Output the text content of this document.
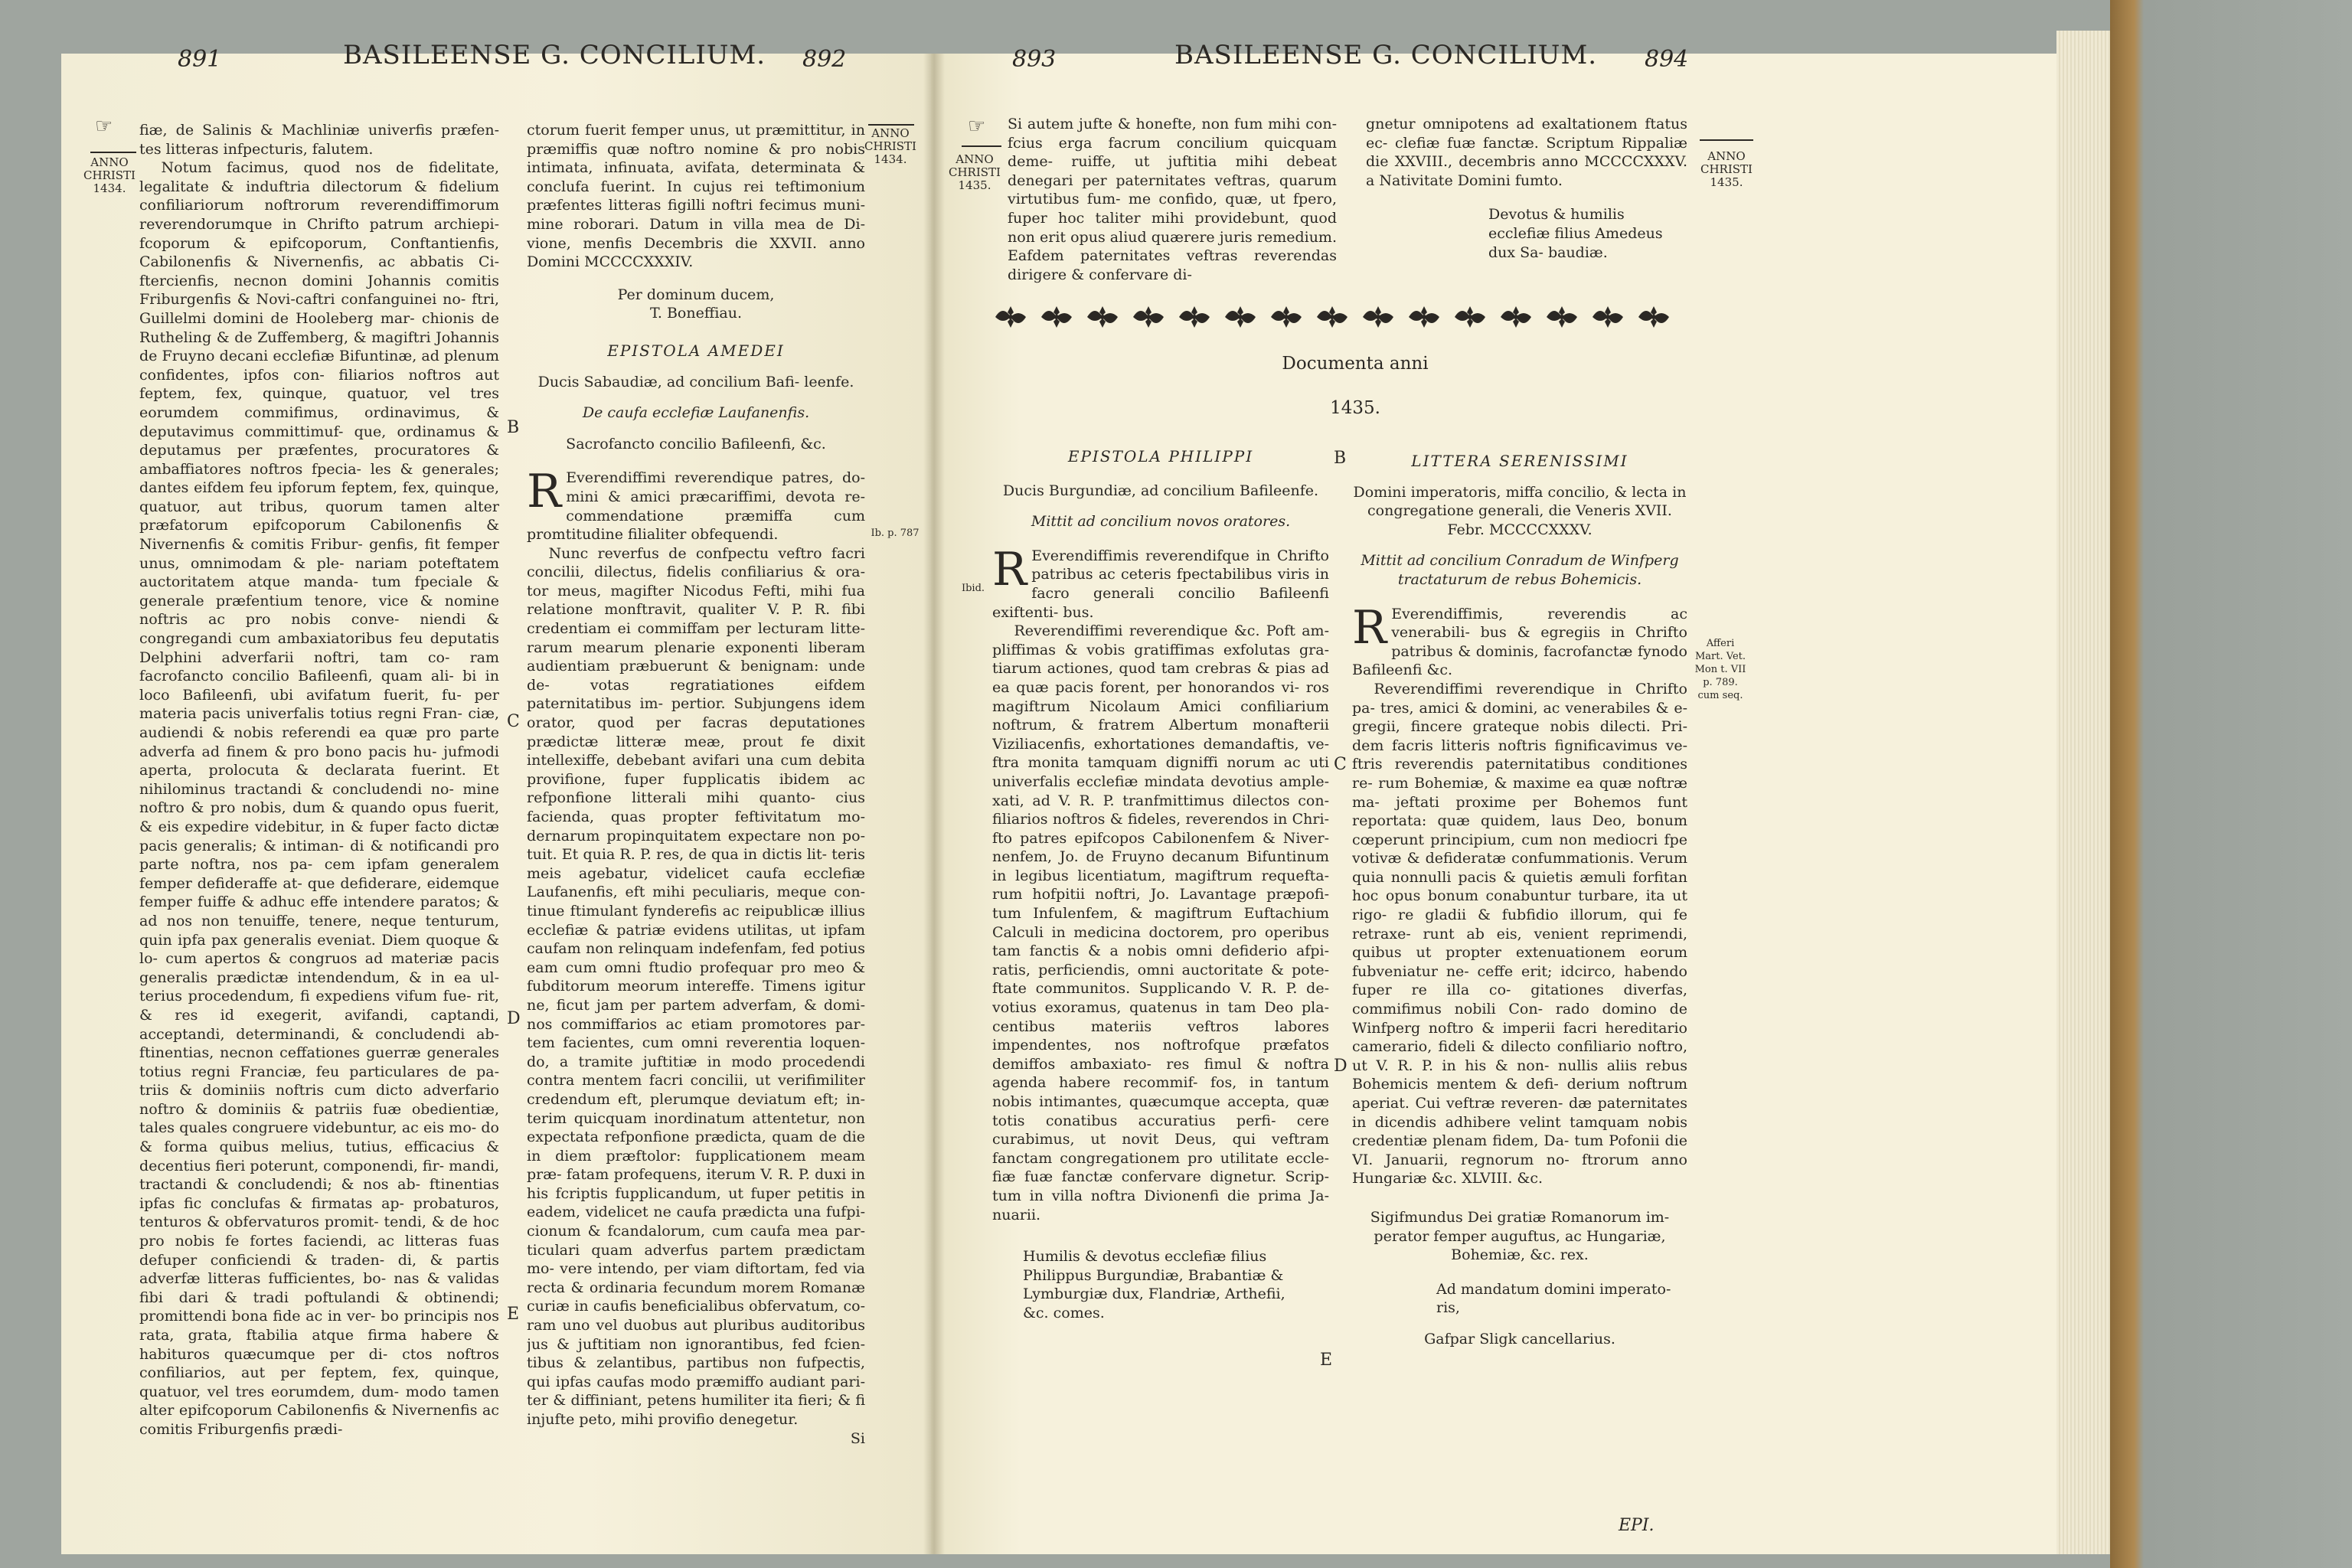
891	BASILEENSE G. CONCILIUM. 892
☞
ANNO
CHRISTI
1434.
ANNO
CHRISTI
1434.
B
C
D
E

fiæ, de Salinis & Machliniæ univerfis præfen- tes litteras infpecturis, falutem.

Notum facimus, quod nos de fidelitate, legalitate & induftria dilectorum & fidelium confiliariorum noftrorum reverendiffimorum reverendorumque in Chrifto patrum archiepi- fcoporum & epifcoporum, Conftantienfis, Cabilonenfis & Nivernenfis, ac abbatis Ci- ftercienfis, necnon domini Johannis comitis Friburgenfis & Novi-caftri confanguinei no- ftri, Guillelmi domini de Hooleberg mar- chionis de Rutheling & de Zuffemberg, & magiftri Johannis de Fruyno decani ecclefiæ Bifuntinæ, ad plenum confidentes, ipfos con- filiarios noftros aut feptem, fex, quinque, quatuor, vel tres eorumdem commifimus, ordinavimus, & deputavimus committimuf- que, ordinamus & deputamus per præfentes, procuratores & ambaffiatores noftros fpecia- les & generales; dantes eifdem feu ipforum feptem, fex, quinque, quatuor, aut tribus, quorum tamen alter præfatorum epifcoporum Cabilonenfis & Nivernenfis & comitis Fribur- genfis, fit femper unus, omnimodam & ple- nariam poteftatem auctoritatem atque manda- tum fpeciale & generale præfentium tenore, vice & nomine noftris ac pro nobis conve- niendi & congregandi cum ambaxiatoribus feu deputatis Delphini adverfarii noftri, tam co- ram facrofancto concilio Bafileenfi, quam ali- bi in loco Bafileenfi, ubi avifatum fuerit, fu- per materia pacis univerfalis totius regni Fran- ciæ, audiendi & nobis referendi ea quæ pro parte adverfa ad finem & pro bono pacis hu- jufmodi aperta, prolocuta & declarata fuerint. Et nihilominus tractandi & concludendi no- mine noftro & pro nobis, dum & quando opus fuerit, & eis expedire videbitur, in & fuper facto dictæ pacis generalis; & intiman- di & notificandi pro parte noftra, nos pa- cem ipfam generalem femper defideraffe at- que defiderare, eidemque femper fuiffe & adhuc effe intendere paratos; & ad nos non tenuiffe, tenere, neque tenturum, quin ipfa pax generalis eveniat. Diem quoque & lo- cum apertos & congruos ad materiæ pacis generalis prædictæ intendendum, & in ea ul- terius procedendum, fi expediens vifum fue- rit, & res id exegerit, avifandi, captandi, acceptandi, determinandi, & concludendi ab- ftinentias, necnon ceffationes guerræ generales totius regni Franciæ, feu particulares de pa- triis & dominiis noftris cum dicto adverfario noftro & dominiis & patriis fuæ obedientiæ, tales quales congruere videbuntur, ac eis mo- do & forma quibus melius, tutius, efficacius & decentius fieri poterunt, componendi, fir- mandi, tractandi & concludendi; & nos ab- ftinentias ipfas fic conclufas & firmatas ap- probaturos, tenturos & obfervaturos promit- tendi, & de hoc pro nobis fe fortes faciendi, ac litteras fuas defuper conficiendi & traden- di, & partis adverfæ litteras fufficientes, bo- nas & validas fibi dari & tradi poftulandi & obtinendi; promittendi bona fide ac in ver- bo principis nos rata, grata, ftabilia atque firma habere & habituros quæcumque per di- ctos noftros confiliarios, aut per feptem, fex, quinque, quatuor, vel tres eorumdem, dum- modo tamen alter epifcoporum Cabilonenfis & Nivernenfis ac comitis Friburgenfis prædi-

ctorum fuerit femper unus, ut præmittitur, in præmiffis quæ noftro nomine & pro nobis intimata, infinuata, avifata, determinata & conclufa fuerint. In cujus rei teftimonium præfentes litteras figilli noftri fecimus muni- mine roborari. Datum in villa mea de Di- vione, menfis Decembris die XXVII. anno Domini MCCCCXXXIV.

Per dominum ducem,

T. Boneffiau.

EPISTOLA AMEDEI

Ducis Sabaudiæ, ad concilium Bafi- leenfe.

De caufa ecclefiæ Laufanenfis.

Sacrofancto concilio Bafileenfi, &c.

R Everendiffimi reverendique patres, do- mini & amici præcariffimi, devota re- commendatione præmiffa cum promtitudine filialiter obfequendi.

Nunc reverfus de confpectu veftro facri concilii, dilectus, fidelis confiliarius & ora- tor meus, magifter Nicodus Fefti, mihi fua relatione monftravit, qualiter V. P. R. fibi credentiam ei commiffam per lecturam litte- rarum mearum plenarie exponenti liberam audientiam præbuerunt & benignam: unde de- votas regratiationes eifdem paternitatibus im- pertior. Subjungens idem orator, quod per facras deputationes prædictæ litteræ meæ, prout fe dixit intellexiffe, debebant avifari una cum debita provifione, fuper fupplicatis ibidem ac refponfione litterali mihi quanto- cius facienda, quas propter feftivitatum mo- dernarum propinquitatem expectare non po- tuit. Et quia R. P. res, de qua in dictis lit- teris meis agebatur, videlicet caufa ecclefiæ Laufanenfis, eft mihi peculiaris, meque con- tinue ftimulant fynderefis ac reipublicæ illius ecclefiæ & patriæ evidens utilitas, ut ipfam caufam non relinquam indefenfam, fed potius eam cum omni ftudio profequar pro meo & fubditorum meorum intereffe. Timens igitur ne, ficut jam per partem adverfam, & domi- nos commiffarios ac etiam promotores par- tem facientes, cum omni reverentia loquen- do, a tramite juftitiæ in modo procedendi contra mentem facri concilii, ut verifimiliter credendum eft, plerumque deviatum eft; in- terim quicquam inordinatum attentetur, non expectata refponfione prædicta, quam de die in diem præftolor: fupplicationem meam præ- fatam profequens, iterum V. R. P. duxi in his fcriptis fupplicandum, ut fuper petitis in eadem, videlicet ne caufa prædicta una fufpi- cionum & fcandalorum, cum caufa mea par- ticulari quam adverfus partem prædictam mo- vere intendo, per viam diftortam, fed via recta & ordinaria fecundum morem Romanæ curiæ in caufis beneficialibus obfervatum, co- ram uno vel duobus aut pluribus auditoribus jus & juftitiam non ignorantibus, fed fcien- tibus & zelantibus, partibus non fufpectis, qui ipfas caufas modo præmiffo audiant pari- ter & diffiniant, petens humiliter ita fieri; & fi injufte peto, mihi provifio denegetur.

Si

Ib. p. 787
893	BASILEENSE G. CONCILIUM. 894
☞
ANNO
CHRISTI
1435.
ANNO
CHRISTI
1435.

Si autem jufte & honefte, non fum mihi con- fcius erga facrum concilium quicquam deme- ruiffe, ut juftitia mihi debeat denegari per paternitates veftras, quarum virtutibus fum- me confido, quæ, ut fpero, fuper hoc taliter mihi providebunt, quod non erit opus aliud quærere juris remedium. Eafdem paternitates veftras reverendas dirigere & confervare di-

gnetur omnipotens ad exaltationem ftatus ec- clefiæ fuæ fanctæ. Scriptum Rippaliæ die XXVIII., decembris anno MCCCCXXXV. a Nativitate Domini fumto.

Devotus & humilis ecclefiæ filius Amedeus dux Sa- baudiæ.

Documenta anni
1435.
B
C
D
E

EPISTOLA PHILIPPI

Ducis Burgundiæ, ad concilium Bafileenfe.

Mittit ad concilium novos oratores.

R Everendiffimis reverendifque in Chrifto patribus ac ceteris fpectabilibus viris in facro generali concilio Bafileenfi exiftenti- bus.

Reverendiffimi reverendique &c. Poft am- pliffimas & vobis gratiffimas exfolutas gra- tiarum actiones, quod tam crebras & pias ad ea quæ pacis forent, per honorandos vi- ros magiftrum Nicolaum Amici confiliarium noftrum, & fratrem Albertum monafterii Viziliacenfis, exhortationes demandaftis, ve- ftra monita tamquam digniffi norum ac uti univerfalis ecclefiæ mindata devotius ample- xati, ad V. R. P. tranfmittimus dilectos con- filiarios noftros & fideles, reverendos in Chri- fto patres epifcopos Cabilonenfem & Niver- nenfem, Jo. de Fruyno decanum Bifuntinum in legibus licentiatum, magiftrum requefta- rum hofpitii noftri, Jo. Lavantage præpofi- tum Infulenfem, & magiftrum Euftachium Calculi in medicina doctorem, pro operibus tam fanctis & a nobis omni defiderio afpi- ratis, perficiendis, omni auctoritate & pote- ftate communitos. Supplicando V. R. P. de- votius exoramus, quatenus in tam Deo pla- centibus materiis veftros labores impendentes, nos noftrofque præfatos demiffos ambaxiato- res fimul & noftra agenda habere recommif- fos, in tantum nobis intimantes, quæcumque accepta, quæ totis conatibus accuratius perfi- cere curabimus, ut novit Deus, qui veftram fanctam congregationem pro utilitate eccle- fiæ fuæ fanctæ confervare dignetur. Scrip- tum in villa noftra Divionenfi die prima Ja- nuarii.

Humilis & devotus ecclefiæ filius Philippus Burgundiæ, Brabantiæ & Lymburgiæ dux, Flandriæ, Arthefii, &c. comes.

Ibid.

LITTERA SERENISSIMI

Domini imperatoris, miffa concilio, & lecta in congregatione generali, die Veneris XVII. Febr. MCCCCXXXV.

Mittit ad concilium Conradum de Winfperg tractaturum de rebus Bohemicis.

R Everendiffimis, reverendis ac venerabili- bus & egregiis in Chrifto patribus & dominis, facrofanctæ fynodo Bafileenfi &c.

Reverendiffimi reverendique in Chrifto pa- tres, amici & domini, ac venerabiles & e- gregii, fincere grateque nobis dilecti. Pri- dem facris litteris noftris fignificavimus ve- ftris reverendis paternitatibus conditiones re- rum Bohemiæ, & maxime ea quæ noftræ ma- jeftati proxime per Bohemos funt reportata: quæ quidem, laus Deo, bonum cœperunt principium, cum non mediocri fpe votivæ & defideratæ confummationis. Verum quia nonnulli pacis & quietis æmuli forfitan hoc opus bonum conabuntur turbare, ita ut rigo- re gladii & fubfidio illorum, qui fe retraxe- runt ab eis, venient reprimendi, quibus ut propter extenuationem eorum fubveniatur ne- ceffe erit; idcirco, habendo fuper re illa co- gitationes diverfas, commifimus nobili Con- rado domino de Winfperg noftro & imperii facri hereditario camerario, fideli & dilecto confiliario noftro, ut V. R. P. in his & non- nullis aliis rebus Bohemicis mentem & defi- derium noftrum aperiat. Cui veftræ reveren- dæ paternitates in dicendis adhibere velint tamquam nobis credentiæ plenam fidem, Da- tum Pofonii die VI. Januarii, regnorum no- ftrorum anno Hungariæ &c. XLVIII. &c.

Sigifmundus Dei gratiæ Romanorum im- perator femper auguftus, ac Hungariæ, Bohemiæ, &c. rex.

Ad mandatum domini imperato- ris,

Gafpar Sligk cancellarius.

Afferi Mart. Vet. Mon t. VII p. 789. cum seq.
EPI.
